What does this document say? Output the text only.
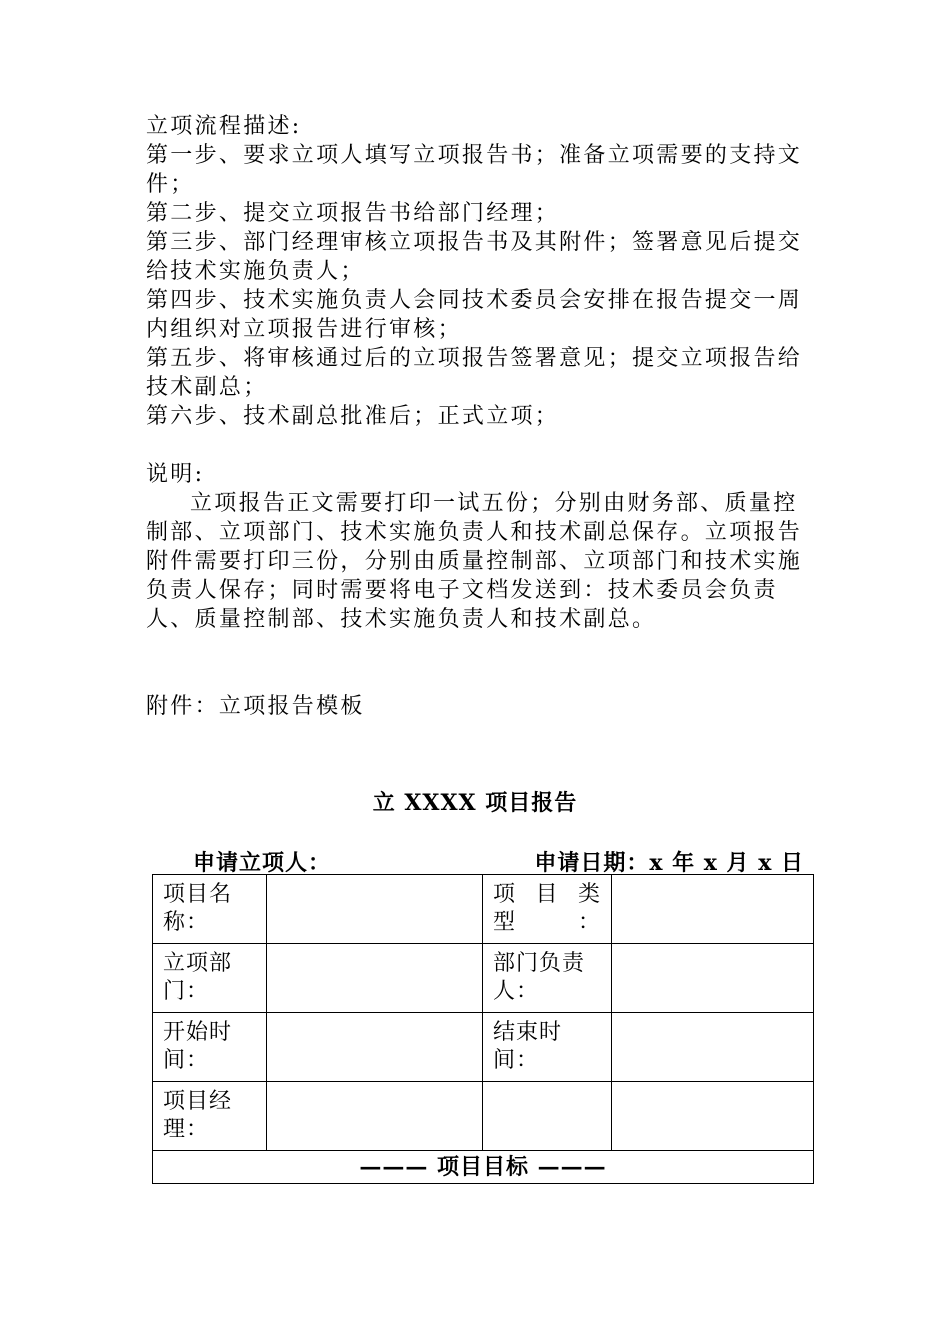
立项流程描述:

第一步、要求立项人填写立项报告书；准备立项需要的支持文件；

第二步、提交立项报告书给部门经理；

第三步、部门经理审核立项报告书及其附件；签署意见后提交给技术实施负责人；

第四步、技术实施负责人会同技术委员会安排在报告提交一周内组织对立项报告进行审核；

第五步、将审核通过后的立项报告签署意见；提交立项报告给技术副总；

第六步、技术副总批准后；正式立项；

说明:

立项报告正文需要打印一试五份；分别由财务部、质量控制部、立项部门、技术实施负责人和技术副总保存。立项报告附件需要打印三份，分别由质量控制部、立项部门和技术实施负责人保存；同时需要将电子文档发送到：技术委员会负责人、质量控制部、技术实施负责人和技术副总。

附件：立项报告模板

立 XXXX 项目报告
申请立项人：	申请日期：x 年 x 月 x 日
项目名称：		项 目 类型：	
立项部门：		部门负责人：	
开始时间：		结束时间：	
项目经理：			
——— 项目目标 ———			
